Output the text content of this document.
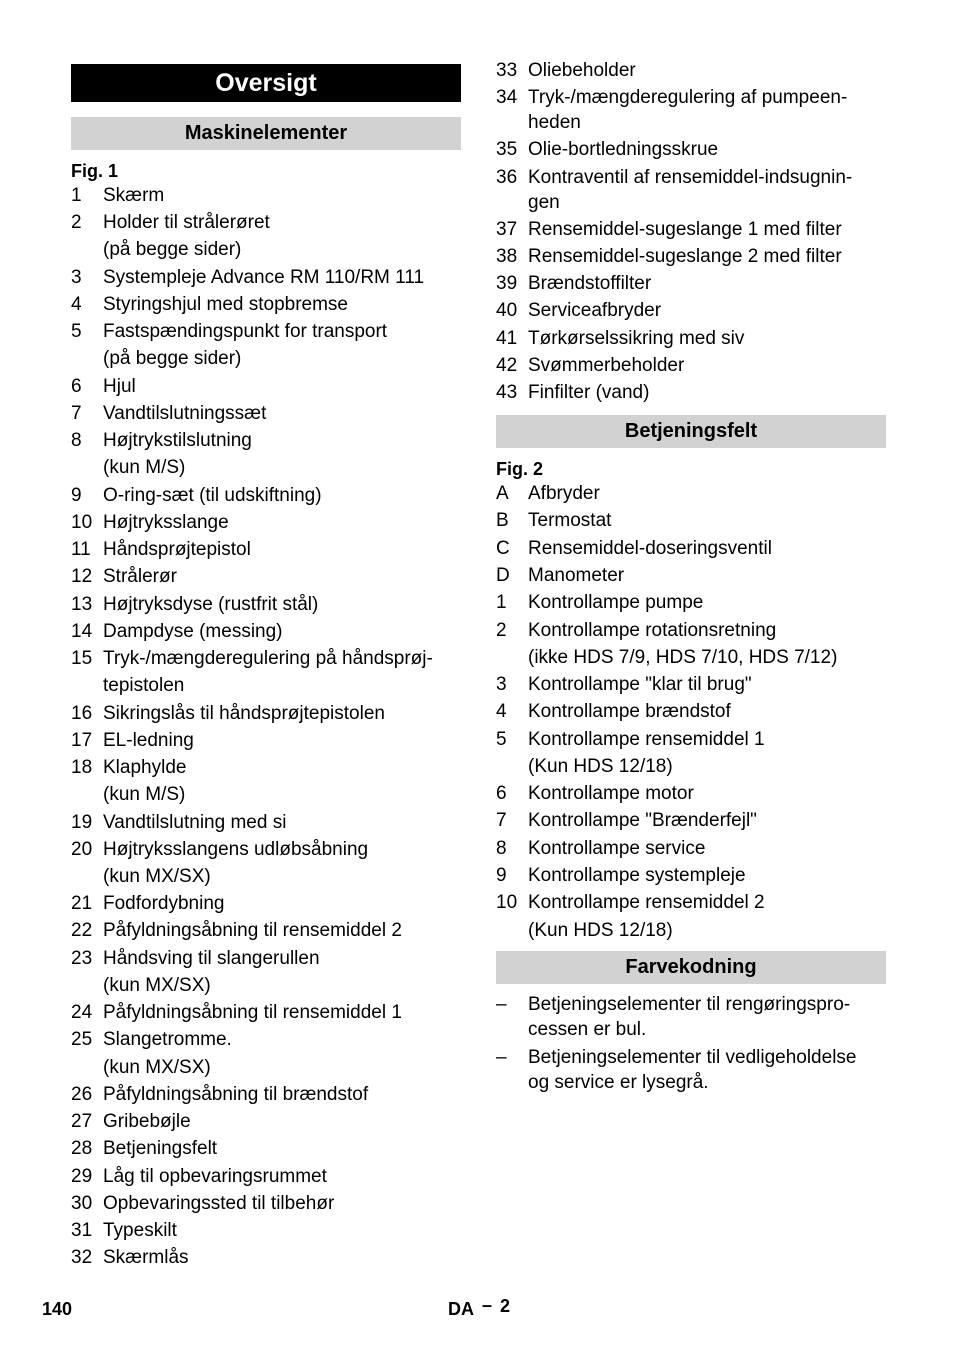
Oversigt
Maskinelementer
Fig. 1
1 Skærm
2 Holder til strålerøret
(på begge sider)
3 Systempleje Advance RM 110/RM 111
4 Styringshjul med stopbremse
5 Fastspændingspunkt for transport
(på begge sider)
6 Hjul
7 Vandtilslutningssæt
8 Højtrykstilslutning
(kun M/S)
9 O-ring-sæt (til udskiftning)
10 Højtryksslange
11 Håndsprøjtepistol
12 Strålerør
13 Højtryksdyse (rustfrit stål)
14 Dampdyse (messing)
15 Tryk-/mængderegulering på håndsprøj-
tepistolen
16 Sikringslås til håndsprøjtepistolen
17 EL-ledning
18 Klaphylde
(kun M/S)
19 Vandtilslutning med si
20 Højtryksslangens udløbsåbning
(kun MX/SX)
21 Fodfordybning
22 Påfyldningsåbning til rensemiddel 2
23 Håndsving til slangerullen
(kun MX/SX)
24 Påfyldningsåbning til rensemiddel 1
25 Slangetromme.
(kun MX/SX)
26 Påfyldningsåbning til brændstof
27 Gribebøjle
28 Betjeningsfelt
29 Låg til opbevaringsrummet
30 Opbevaringssted til tilbehør
31 Typeskilt
32 Skærmlås
33 Oliebeholder
34 Tryk-/mængderegulering af pumpeen-
heden
35 Olie-bortledningsskrue
36 Kontraventil af rensemiddel-indsugnin-
gen
37 Rensemiddel-sugeslange 1 med filter
38 Rensemiddel-sugeslange 2 med filter
39 Brændstoffilter
40 Serviceafbryder
41 Tørkørselssikring med siv
42 Svømmerbeholder
43 Finfilter (vand)
Betjeningsfelt
Fig. 2
A Afbryder
B Termostat
C Rensemiddel-doseringsventil
D Manometer
1 Kontrollampe pumpe
2 Kontrollampe rotationsretning
(ikke HDS 7/9, HDS 7/10, HDS 7/12)
3 Kontrollampe "klar til brug"
4 Kontrollampe brændstof
5 Kontrollampe rensemiddel 1
(Kun HDS 12/18)
6 Kontrollampe motor
7 Kontrollampe "Brænderfejl"
8 Kontrollampe service
9 Kontrollampe systempleje
10 Kontrollampe rensemiddel 2
(Kun HDS 12/18)
Farvekodning
– Betjeningselementer til rengøringspro-
cessen er bul.
– Betjeningselementer til vedligeholdelse
og service er lysegrå.
140	DA – 2
